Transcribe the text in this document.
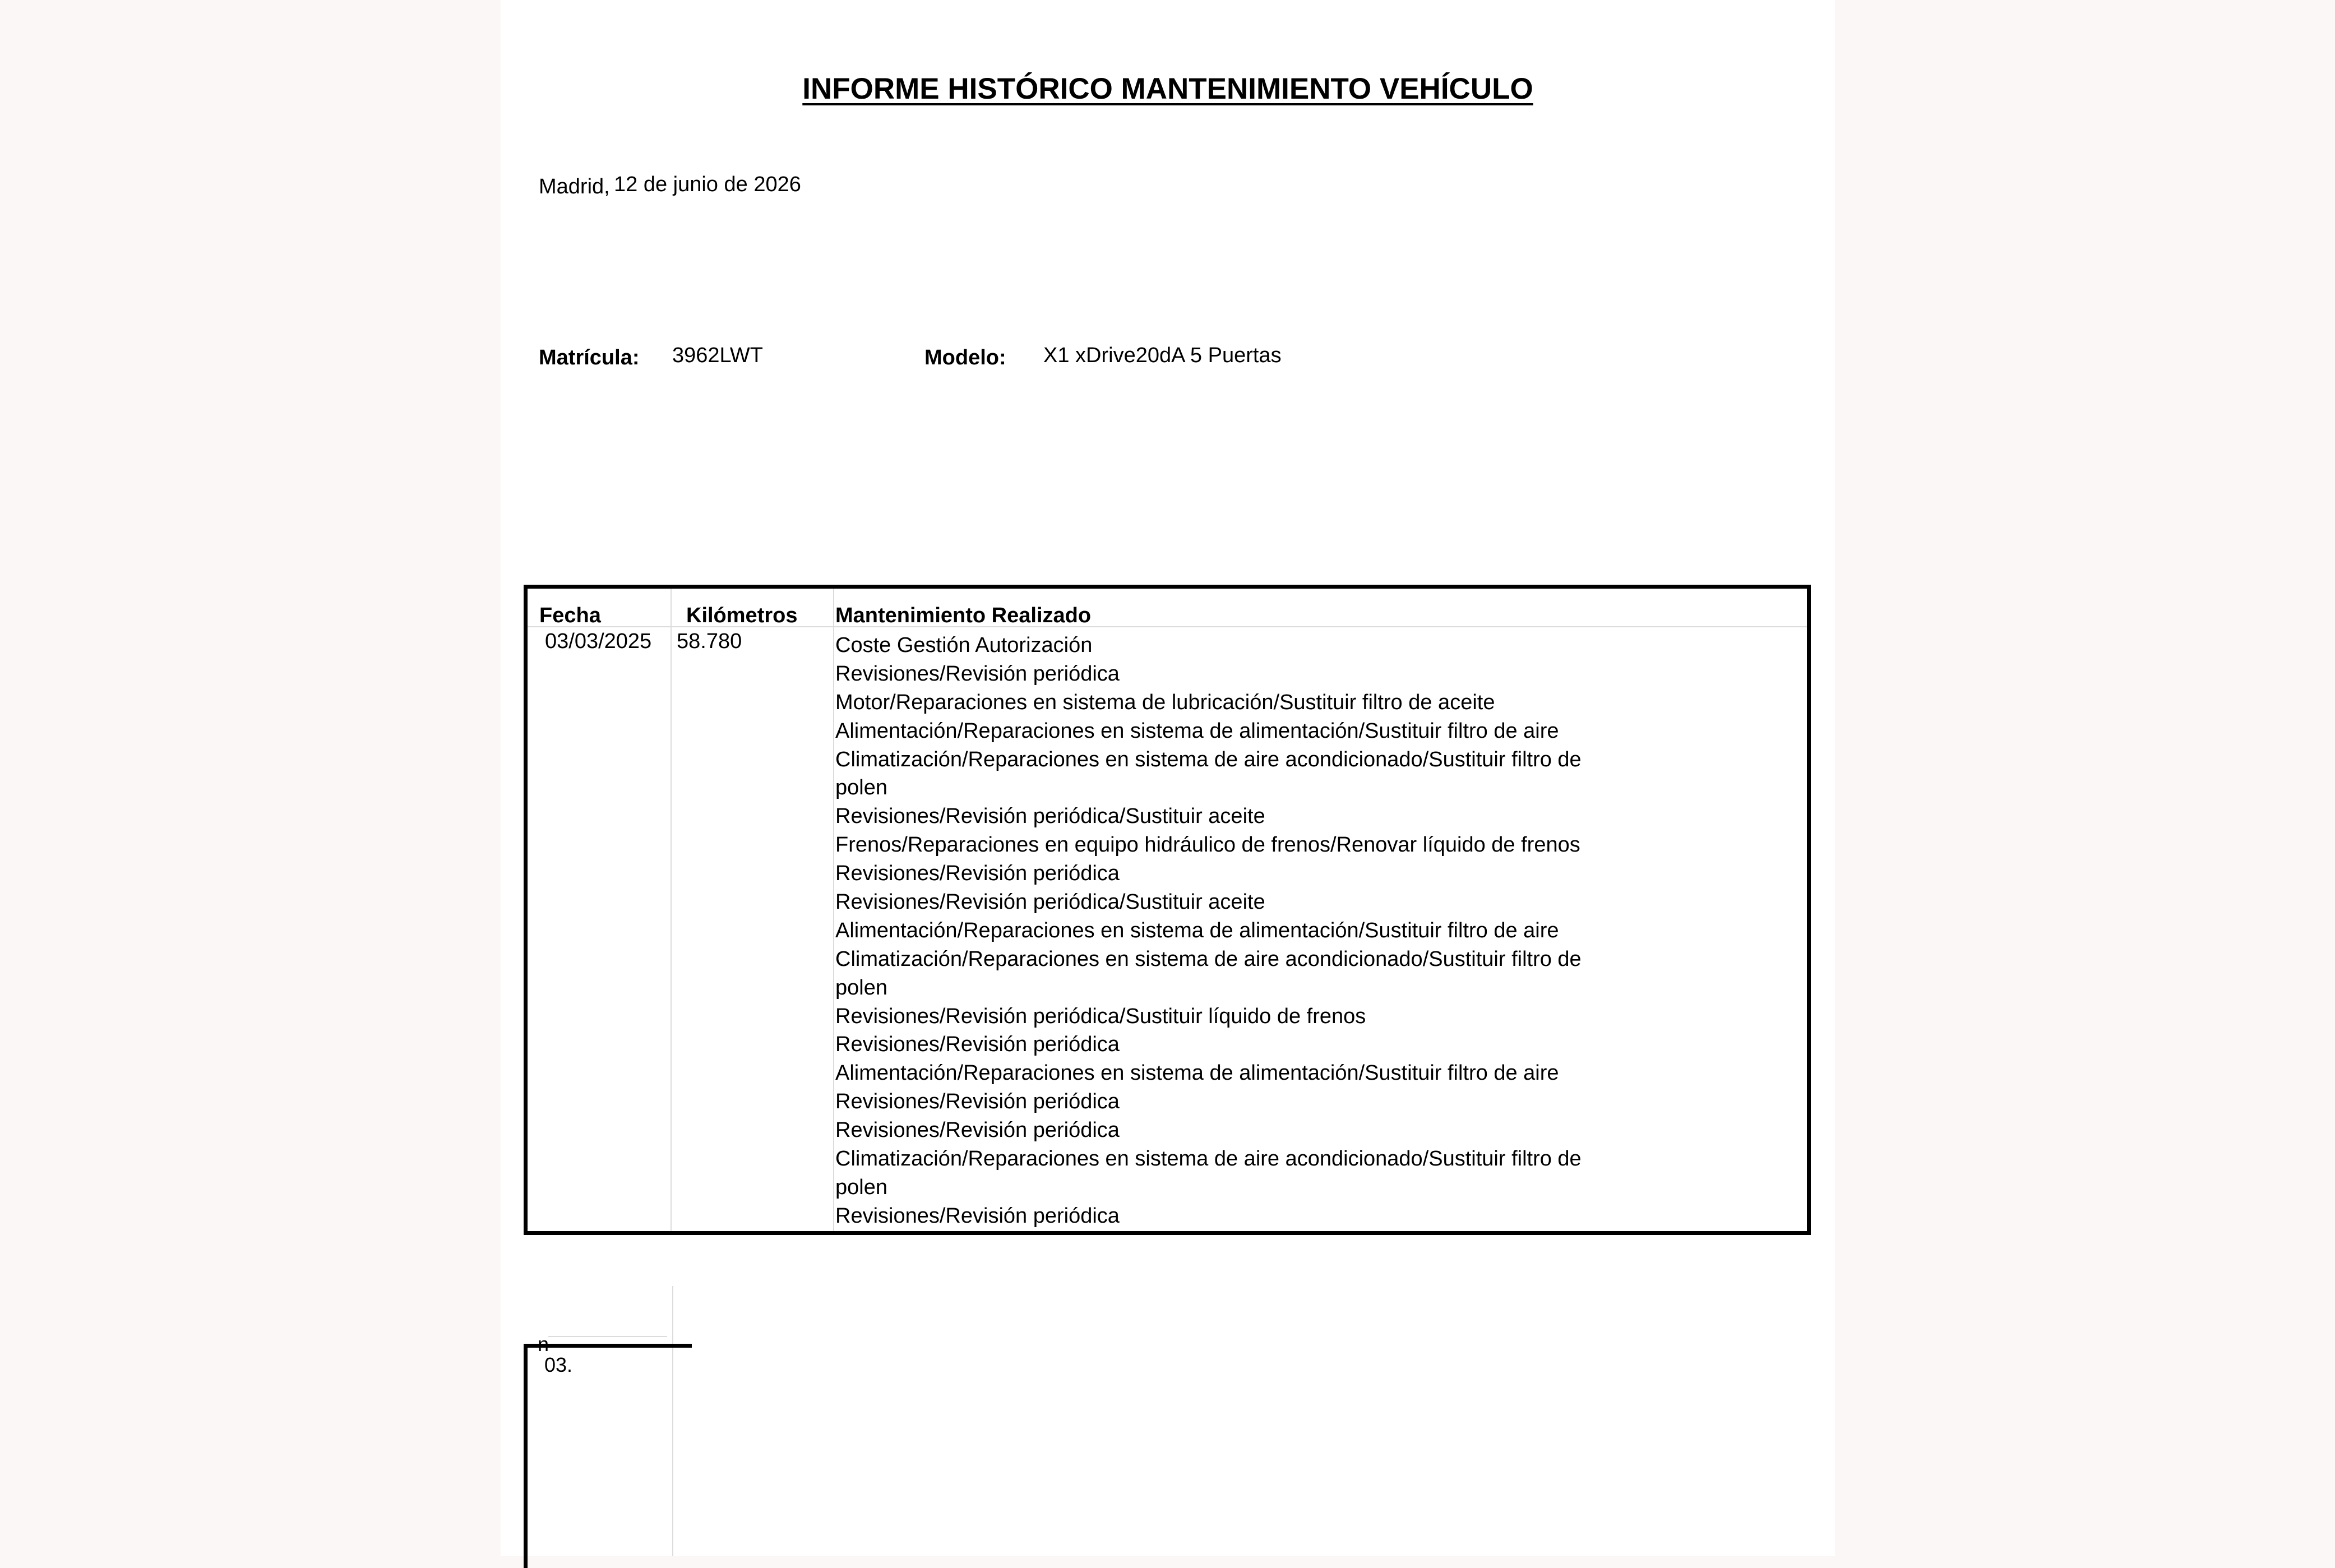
INFORME HISTÓRICO MANTENIMIENTO VEHÍCULO
Madrid, 12 de junio de 2026
Matrícula: 3962LWT	Modelo: X1 xDrive20dA 5 Puertas
Fecha	Kilómetros Mantenimiento Realizado
03/03/2025 58.780	Coste Gestión Autorización
Revisiones/Revisión periódica
Motor/Reparaciones en sistema de lubricación/Sustituir filtro de aceite
Alimentación/Reparaciones en sistema de alimentación/Sustituir filtro de aire
Climatización/Reparaciones en sistema de aire acondicionado/Sustituir filtro de
polen
Revisiones/Revisión periódica/Sustituir aceite
Frenos/Reparaciones en equipo hidráulico de frenos/Renovar líquido de frenos
Revisiones/Revisión periódica
Revisiones/Revisión periódica/Sustituir aceite
Alimentación/Reparaciones en sistema de alimentación/Sustituir filtro de aire
Climatización/Reparaciones en sistema de aire acondicionado/Sustituir filtro de
polen
Revisiones/Revisión periódica/Sustituir líquido de frenos
Revisiones/Revisión periódica
Alimentación/Reparaciones en sistema de alimentación/Sustituir filtro de aire
Revisiones/Revisión periódica
Revisiones/Revisión periódica
Climatización/Reparaciones en sistema de aire acondicionado/Sustituir filtro de
polen
Revisiones/Revisión periódica
n
03.
